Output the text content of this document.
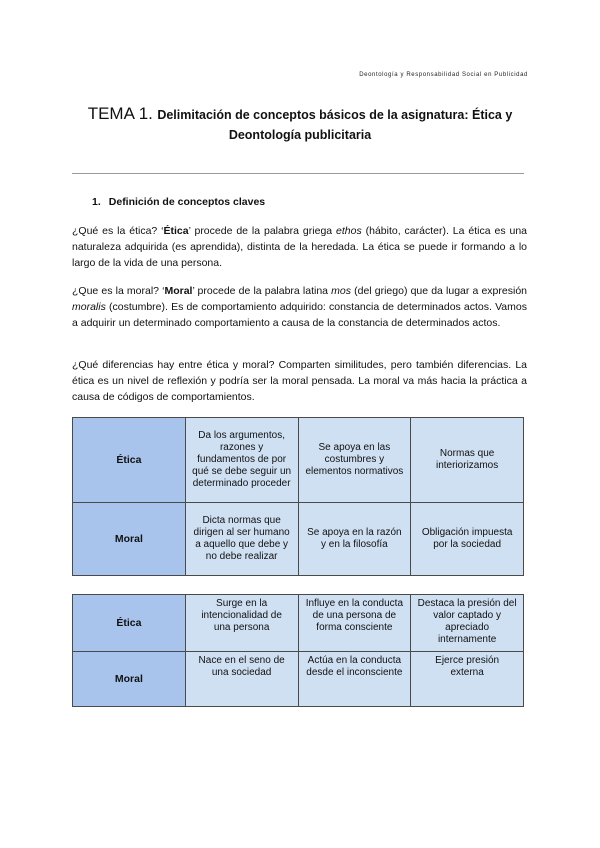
Deontología y Responsabilidad Social en Publicidad
TEMA 1. Delimitación de conceptos básicos de la asignatura: Ética y
Deontología publicitaria
1. Definición de conceptos claves
¿Qué es la ética? ‘Ética’ procede de la palabra griega ethos (hábito, carácter). La ética es una naturaleza adquirida (es aprendida), distinta de la heredada. La ética se puede ir formando a lo largo de la vida de una persona.
¿Que es la moral? ‘Moral’ procede de la palabra latina mos (del griego) que da lugar a expresión moralis (costumbre). Es de comportamiento adquirido: constancia de determinados actos. Vamos a adquirir un determinado comportamiento a causa de la constancia de determinados actos.
¿Qué diferencias hay entre ética y moral? Comparten similitudes, pero también diferencias. La ética es un nivel de reflexión y podría ser la moral pensada. La moral va más hacia la práctica a causa de códigos de comportamientos.
Ética	Da los argumentos, razones y fundamentos de por qué se debe seguir un determinado proceder	Se apoya en las costumbres y elementos normativos	Normas que interiorizamos
Moral	Dicta normas que dirigen al ser humano a aquello que debe y no debe realizar	Se apoya en la razón y en la filosofía	Obligación impuesta por la sociedad
Ética	Surge en la intencionalidad de una persona	Influye en la conducta de una persona de forma consciente	Destaca la presión del valor captado y apreciado internamente
Moral	Nace en el seno de una sociedad	Actúa en la conducta desde el inconsciente	Ejerce presión externa
